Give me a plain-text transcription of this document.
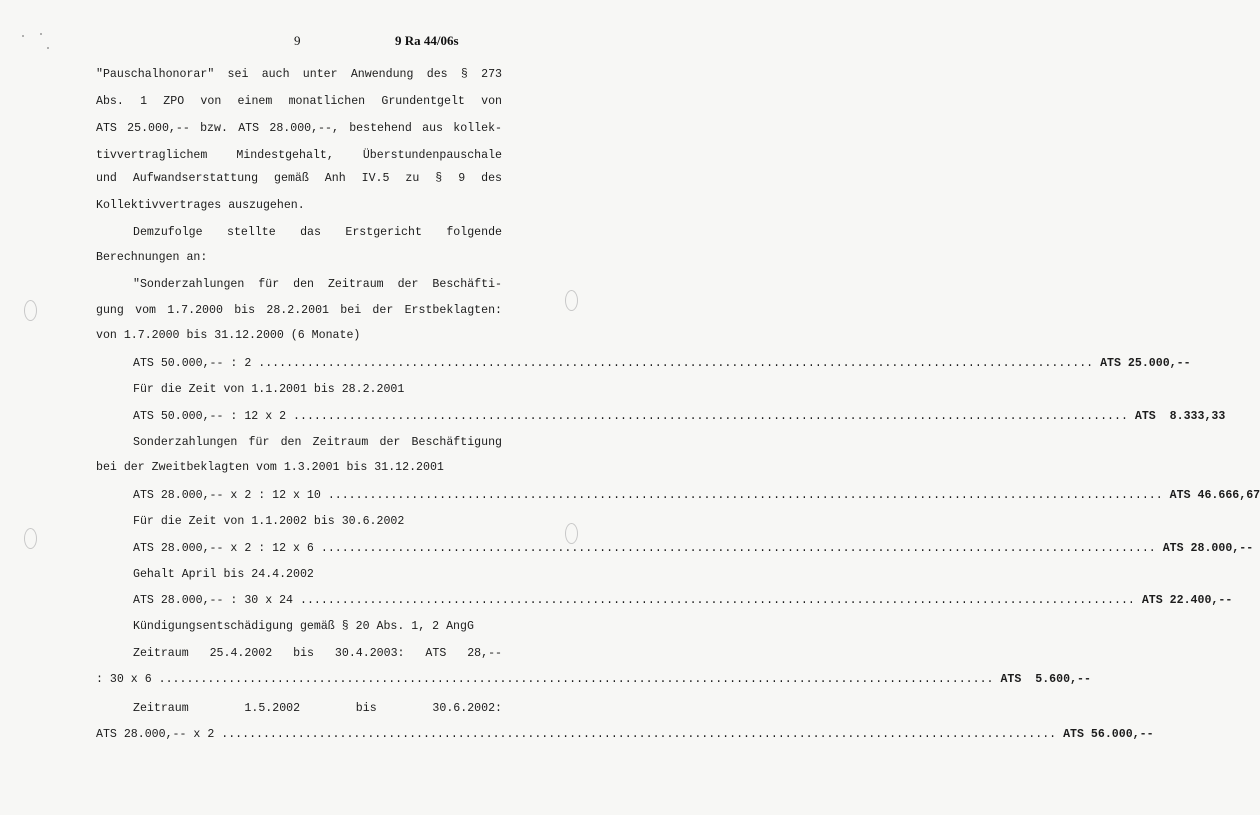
9	9 Ra 44/06s
"Pauschalhonorar" sei auch unter Anwendung des § 273
Abs. 1 ZPO von einem monatlichen Grundentgelt von
ATS 25.000,-- bzw. ATS 28.000,--, bestehend aus kollek-
tivvertraglichem Mindestgehalt, Überstundenpauschale
und Aufwandserstattung gemäß Anh IV.5 zu § 9 des
Kollektivvertrages auszugehen.
Demzufolge stellte das Erstgericht folgende
Berechnungen an:
"Sonderzahlungen für den Zeitraum der Beschäfti-
gung vom 1.7.2000 bis 28.2.2001 bei der Erstbeklagten:
von 1.7.2000 bis 31.12.2000 (6 Monate)
ATS 50.000,-- : 2 ........................................................................................................................ ATS 25.000,--
Für die Zeit von 1.1.2001 bis 28.2.2001
ATS 50.000,-- : 12 x 2 ........................................................................................................................ ATS  8.333,33
Sonderzahlungen für den Zeitraum der Beschäftigung
bei der Zweitbeklagten vom 1.3.2001 bis 31.12.2001
ATS 28.000,-- x 2 : 12 x 10 ........................................................................................................................ ATS 46.666,67
Für die Zeit von 1.1.2002 bis 30.6.2002
ATS 28.000,-- x 2 : 12 x 6 ........................................................................................................................ ATS 28.000,--
Gehalt April bis 24.4.2002
ATS 28.000,-- : 30 x 24 ........................................................................................................................ ATS 22.400,--
Kündigungsentschädigung gemäß § 20 Abs. 1, 2 AngG
Zeitraum 25.4.2002 bis 30.4.2003: ATS 28,--
: 30 x 6 ........................................................................................................................ ATS  5.600,--
Zeitraum 1.5.2002 bis 30.6.2002:
ATS 28.000,-- x 2 ........................................................................................................................ ATS 56.000,--
